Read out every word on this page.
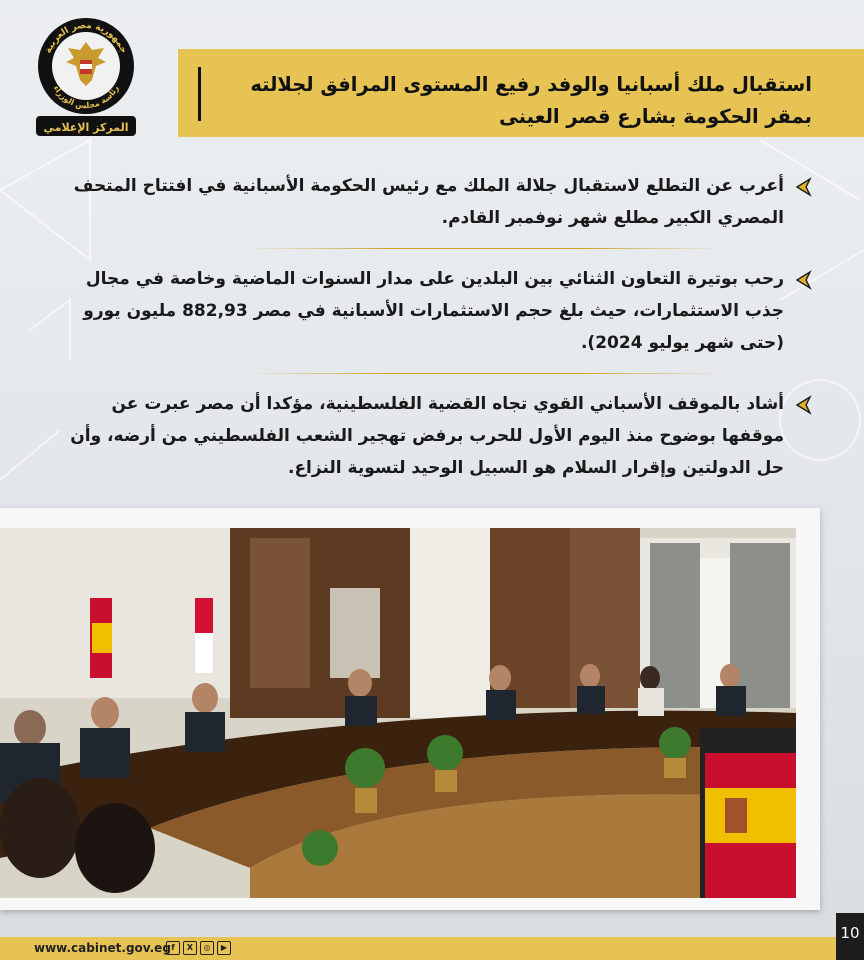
جمهورية مصر العربية
رئاسة مجلس الوزراء
المركز الإعلامي
استقبال ملك أسبانيا والوفد رفيع المستوى المرافق لجلالته بمقر الحكومة بشارع قصر العينى
أعرب عن التطلع لاستقبال جلالة الملك مع رئيس الحكومة الأسبانية في افتتاح المتحف المصري الكبير مطلع شهر نوفمبر القادم.
رحب بوتيرة التعاون الثنائي بين البلدين على مدار السنوات الماضية وخاصة في مجال جذب الاستثمارات، حيث بلغ حجم الاستثمارات الأسبانية في مصر 882,93 مليون يورو (حتى شهر يوليو 2024).
أشاد بالموقف الأسباني القوي تجاه القضية الفلسطينية، مؤكدا أن مصر عبرت عن موقفها بوضوح منذ اليوم الأول للحرب برفض تهجير الشعب الفلسطيني من أرضه، وأن حل الدولتين وإقرار السلام هو السبيل الوحيد لتسوية النزاع.
www.cabinet.gov.eg f	X	◎	▶
10
